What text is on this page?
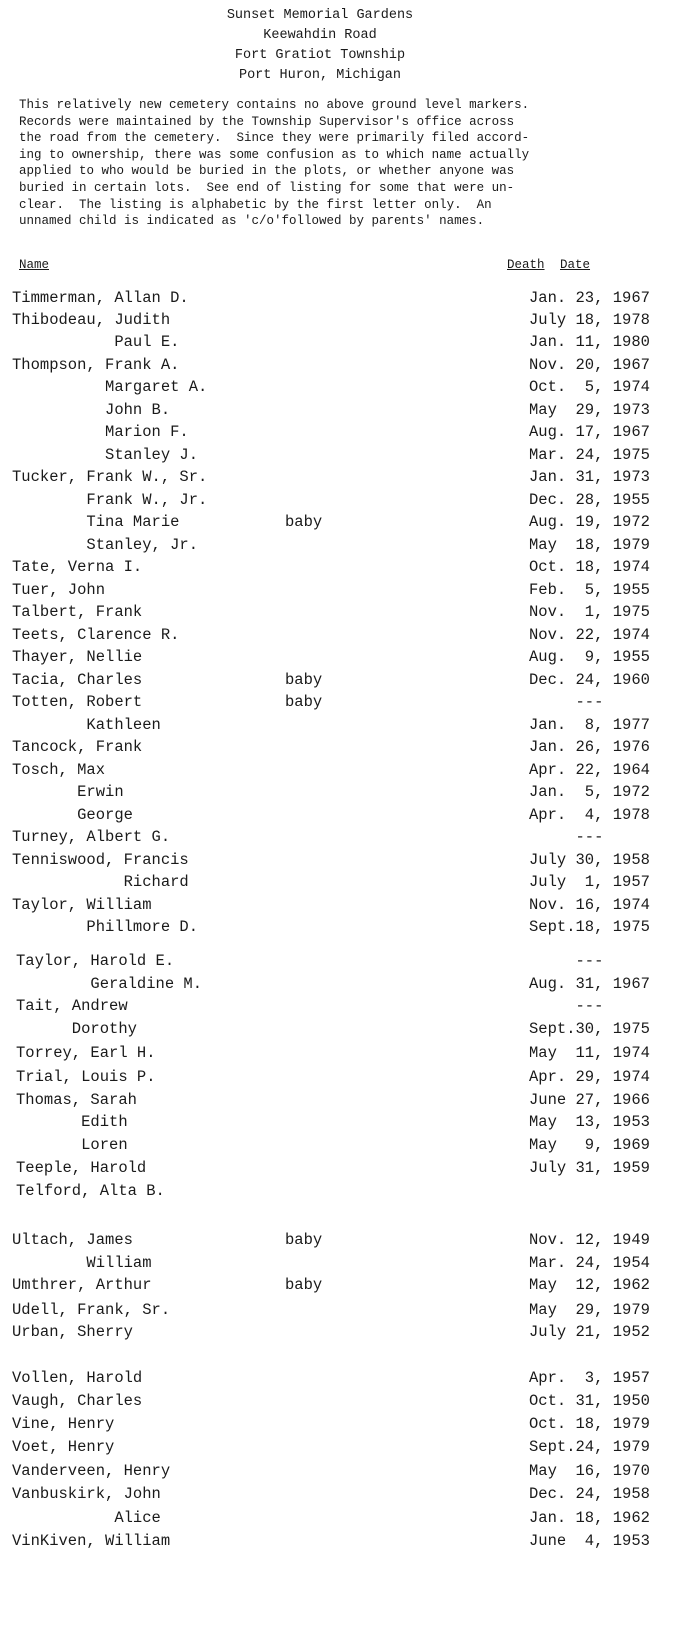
Sunset Memorial Gardens
Keewahdin Road
Fort Gratiot Township
Port Huron, Michigan
This relatively new cemetery contains no above ground level markers.
Records were maintained by the Township Supervisor's office across
the road from the cemetery.  Since they were primarily filed accord-
ing to ownership, there was some confusion as to which name actually
applied to who would be buried in the plots, or whether anyone was
buried in certain lots.  See end of listing for some that were un-
clear.  The listing is alphabetic by the first letter only.  An
unnamed child is indicated as 'c/o'followed by parents' names.
Name	Death Date
Timmerman, Allan D.	Jan. 23, 1967
Thibodeau, Judith	July 18, 1978
Paul E.	Jan. 11, 1980
Thompson, Frank A.	Nov. 20, 1967
Margaret A.	Oct.  5, 1974
John B.	May  29, 1973
Marion F.	Aug. 17, 1967
Stanley J.	Mar. 24, 1975
Tucker, Frank W., Sr.	Jan. 31, 1973
Frank W., Jr.	Dec. 28, 1955
Tina Marie	baby	Aug. 19, 1972
Stanley, Jr.	May  18, 1979
Tate, Verna I.	Oct. 18, 1974
Tuer, John	Feb.  5, 1955
Talbert, Frank	Nov.  1, 1975
Teets, Clarence R.	Nov. 22, 1974
Thayer, Nellie	Aug.  9, 1955
Tacia, Charles	baby	Dec. 24, 1960
Totten, Robert	baby	---
Kathleen	Jan.  8, 1977
Tancock, Frank	Jan. 26, 1976
Tosch, Max	Apr. 22, 1964
Erwin	Jan.  5, 1972
George	Apr.  4, 1978
Turney, Albert G.	---
Tenniswood, Francis	July 30, 1958
Richard	July  1, 1957
Taylor, William	Nov. 16, 1974
Phillmore D.	Sept.18, 1975
Taylor, Harold E.	---
Geraldine M.	Aug. 31, 1967
Tait, Andrew	---
Dorothy	Sept.30, 1975
Torrey, Earl H.	May  11, 1974
Trial, Louis P.	Apr. 29, 1974
Thomas, Sarah	June 27, 1966
Edith	May  13, 1953
Loren	May   9, 1969
Teeple, Harold	July 31, 1959
Telford, Alta B.
Ultach, James	baby	Nov. 12, 1949
William	Mar. 24, 1954
Umthrer, Arthur	baby	May  12, 1962
Udell, Frank, Sr.	May  29, 1979
Urban, Sherry	July 21, 1952
Vollen, Harold	Apr.  3, 1957
Vaugh, Charles	Oct. 31, 1950
Vine, Henry	Oct. 18, 1979
Voet, Henry	Sept.24, 1979
Vanderveen, Henry	May  16, 1970
Vanbuskirk, John	Dec. 24, 1958
Alice	Jan. 18, 1962
VinKiven, William	June  4, 1953
